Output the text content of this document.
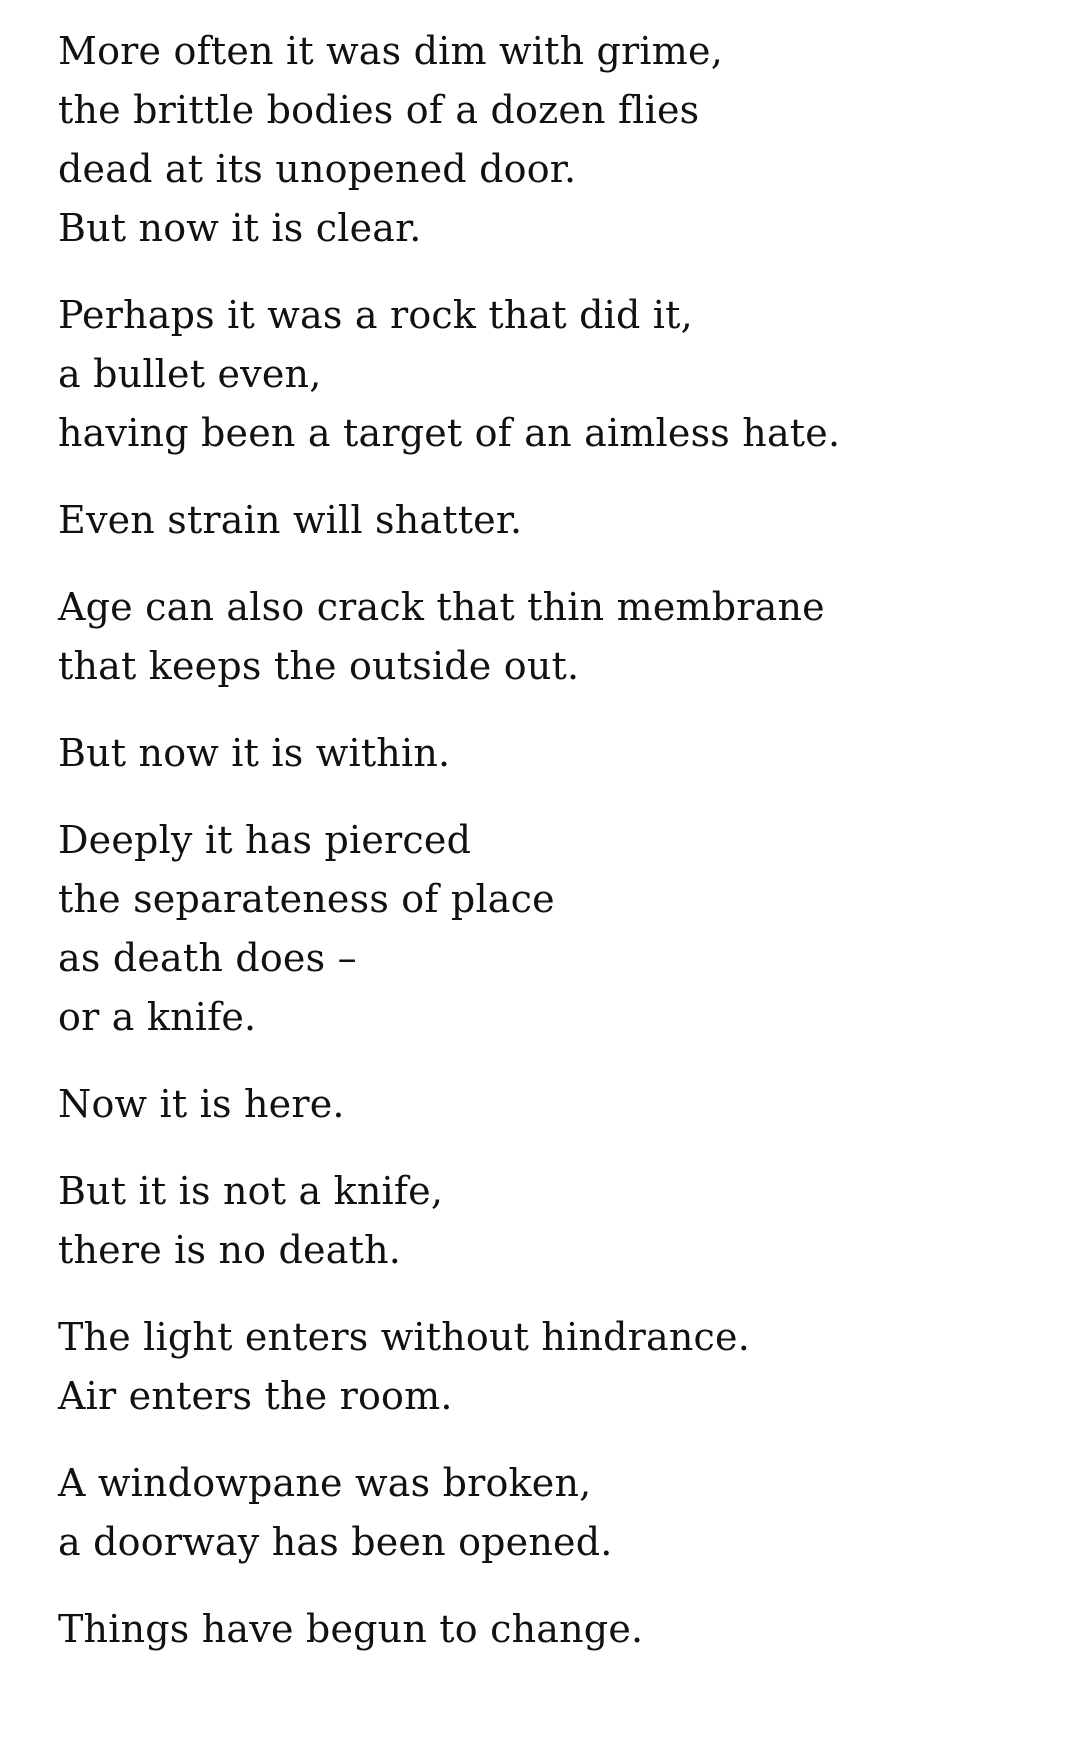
More often it was dim with grime,
the brittle bodies of a dozen flies
dead at its unopened door.
But now it is clear.
Perhaps it was a rock that did it,
a bullet even,
having been a target of an aimless hate.
Even strain will shatter.
Age can also crack that thin membrane
that keeps the outside out.
But now it is within.
Deeply it has pierced
the separateness of place
as death does –
or a knife.
Now it is here.
But it is not a knife,
there is no death.
The light enters without hindrance.
Air enters the room.
A windowpane was broken,
a doorway has been opened.
Things have begun to change.
